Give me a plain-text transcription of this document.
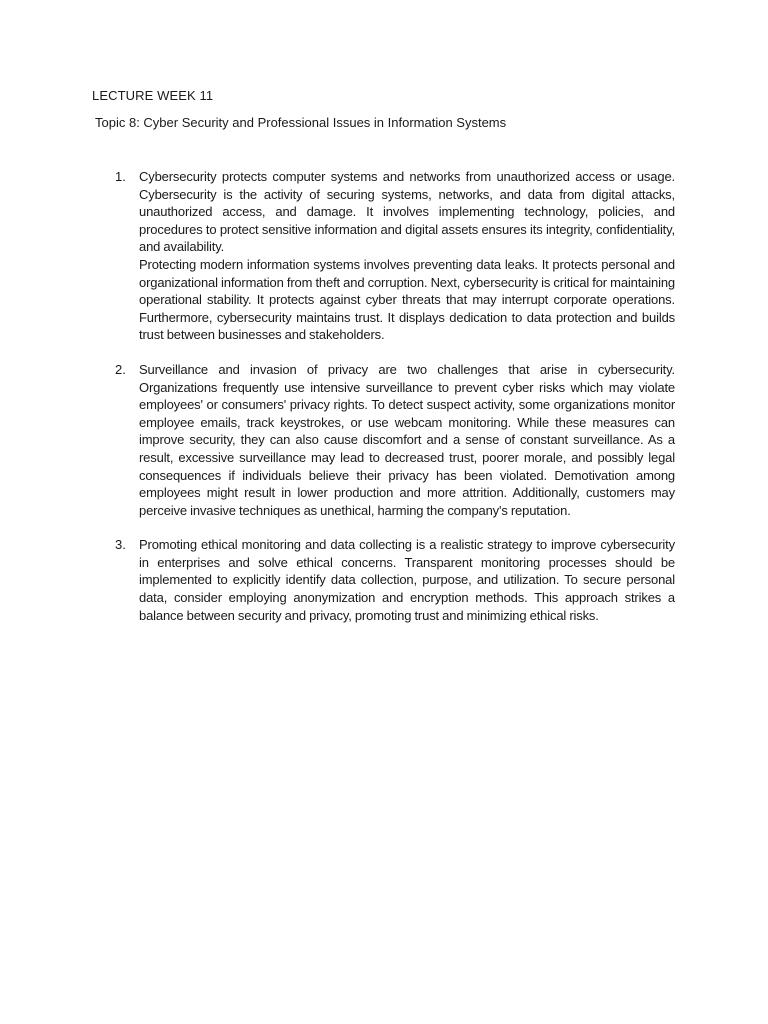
LECTURE WEEK 11
Topic 8: Cyber Security and Professional Issues in Information Systems
1. Cybersecurity protects computer systems and networks from unauthorized access or usage. Cybersecurity is the activity of securing systems, networks, and data from digital attacks, unauthorized access, and damage. It involves implementing technology, policies, and procedures to protect sensitive information and digital assets ensures its integrity, confidentiality, and availability.

Protecting modern information systems involves preventing data leaks. It protects personal and organizational information from theft and corruption. Next, cybersecurity is critical for maintaining operational stability. It protects against cyber threats that may interrupt corporate operations. Furthermore, cybersecurity maintains trust. It displays dedication to data protection and builds trust between businesses and stakeholders.

2. Surveillance and invasion of privacy are two challenges that arise in cybersecurity. Organizations frequently use intensive surveillance to prevent cyber risks which may violate employees' or consumers' privacy rights. To detect suspect activity, some organizations monitor employee emails, track keystrokes, or use webcam monitoring. While these measures can improve security, they can also cause discomfort and a sense of constant surveillance. As a result, excessive surveillance may lead to decreased trust, poorer morale, and possibly legal consequences if individuals believe their privacy has been violated. Demotivation among employees might result in lower production and more attrition. Additionally, customers may perceive invasive techniques as unethical, harming the company's reputation.

3. Promoting ethical monitoring and data collecting is a realistic strategy to improve cybersecurity in enterprises and solve ethical concerns. Transparent monitoring processes should be implemented to explicitly identify data collection, purpose, and utilization. To secure personal data, consider employing anonymization and encryption methods. This approach strikes a balance between security and privacy, promoting trust and minimizing ethical risks.
